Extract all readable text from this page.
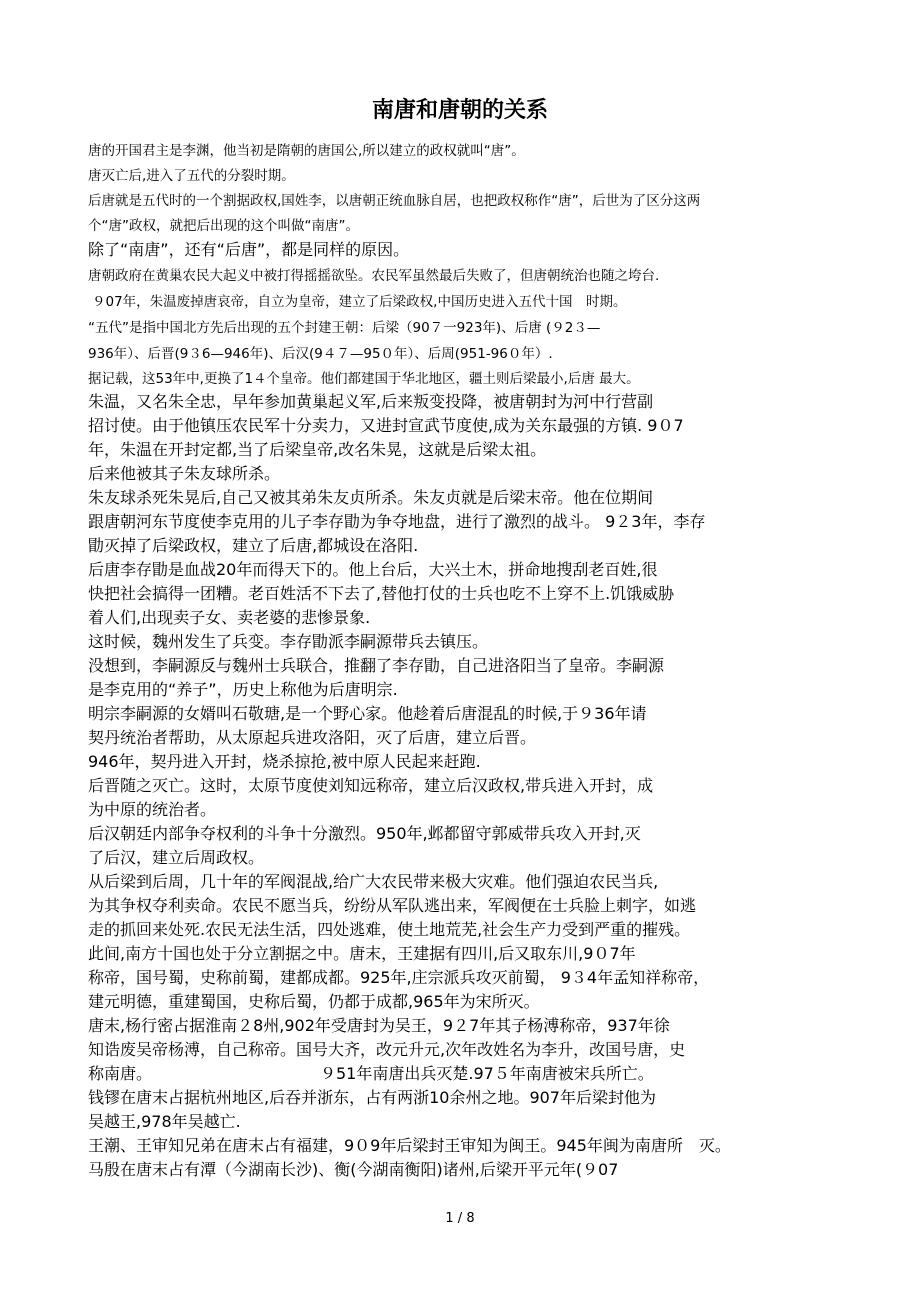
南唐和唐朝的关系
唐的开国君主是李渊，他当初是隋朝的唐国公,所以建立的政权就叫“唐”。
唐灭亡后,进入了五代的分裂时期。
后唐就是五代时的一个割据政权,国姓李，以唐朝正统血脉自居，也把政权称作“唐”，后世为了区分这两
个“唐”政权，就把后出现的这个叫做“南唐”。
除了“南唐”，还有“后唐”，都是同样的原因。
唐朝政府在黄巢农民大起义中被打得摇摇欲坠。农民军虽然最后失败了，但唐朝统治也随之垮台.
９07年，朱温废掉唐哀帝，自立为皇帝，建立了后梁政权,中国历史进入五代十国　时期。
“五代”是指中国北方先后出现的五个封建王朝：后梁（90７一923年)、后唐 (９2３—
936年）、后晋(9３6—946年)、后汉(9４７—95０年）、后周(951-96０年）.
据记载，这53年中,更换了1４个皇帝。他们都建国于华北地区，疆土则后梁最小,后唐 最大。
朱温，又名朱全忠，早年参加黄巢起义军,后来叛变投降，被唐朝封为河中行营副
招讨使。由于他镇压农民军十分卖力，又进封宣武节度使,成为关东最强的方镇. 9０7
年，朱温在开封定都,当了后梁皇帝,改名朱晃，这就是后梁太祖。
后来他被其子朱友球所杀。
朱友球杀死朱晃后,自己又被其弟朱友贞所杀。朱友贞就是后梁末帝。他在位期间
跟唐朝河东节度使李克用的儿子李存勖为争夺地盘，进行了激烈的战斗。 9２3年，李存
勖灭掉了后梁政权，建立了后唐,都城设在洛阳.
后唐李存勖是血战20年而得天下的。他上台后，大兴土木，拼命地搜刮老百姓,很
快把社会搞得一团糟。老百姓活不下去了,替他打仗的士兵也吃不上穿不上.饥饿威胁
着人们,出现卖子女、卖老婆的悲惨景象.
这时候，魏州发生了兵变。李存勖派李嗣源带兵去镇压。
没想到，李嗣源反与魏州士兵联合，推翻了李存勖，自己进洛阳当了皇帝。李嗣源
是李克用的“养子”，历史上称他为后唐明宗.
明宗李嗣源的女婿叫石敬瑭,是一个野心家。他趁着后唐混乱的时候,于９36年请
契丹统治者帮助，从太原起兵进攻洛阳，灭了后唐，建立后晋。
946年，契丹进入开封，烧杀掠抢,被中原人民起来赶跑.
后晋随之灭亡。这时，太原节度使刘知远称帝，建立后汉政权,带兵进入开封，成
为中原的统治者。
后汉朝廷内部争夺权利的斗争十分激烈。950年,邺都留守郭威带兵攻入开封,灭
了后汉，建立后周政权。
从后梁到后周，几十年的军阀混战,给广大农民带来极大灾难。他们强迫农民当兵,
为其争权夺利卖命。农民不愿当兵，纷纷从军队逃出来，军阀便在士兵脸上刺字，如逃
走的抓回来处死.农民无法生活，四处逃难，使土地荒芜,社会生产力受到严重的摧残。
此间,南方十国也处于分立割据之中。唐末，王建据有四川,后又取东川,9０7年
称帝，国号蜀，史称前蜀，建都成都。925年,庄宗派兵攻灭前蜀， 9３4年孟知祥称帝，
建元明德，重建蜀国，史称后蜀，仍都于成都,965年为宋所灭。
唐末,杨行密占据淮南２8州,902年受唐封为吴王，9２7年其子杨溥称帝，937年徐
知诰废吴帝杨溥，自己称帝。国号大齐，改元升元,次年改姓名为李升，改国号唐，史
称南唐。　　　　　　　　　　　９51年南唐出兵灭楚.97５年南唐被宋兵所亡。
钱镠在唐末占据杭州地区,后吞并浙东，占有两浙10余州之地。907年后梁封他为
吴越王,978年吴越亡.
王潮、王审知兄弟在唐末占有福建，9０9年后梁封王审知为闽王。945年闽为南唐所　灭。
马殷在唐末占有潭（今湖南长沙)、衡(今湖南衡阳)诸州,后梁开平元年(９07
1 / 8
